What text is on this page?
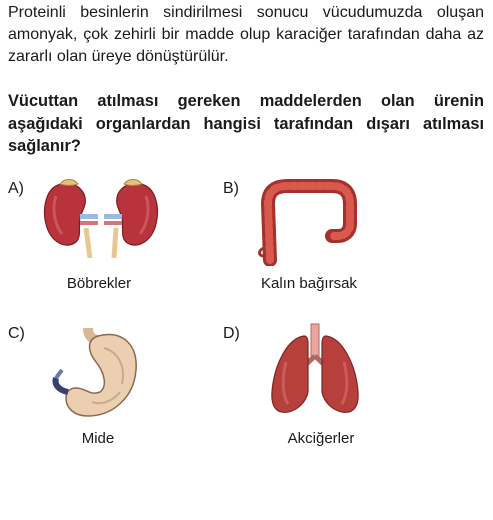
Proteinli besinlerin sindirilmesi sonucu vücudumuzda oluşan amonyak, çok zehirli bir madde olup karaciğer tarafından daha az zararlı olan üreye dönüştürülür.

Vücuttan atılması gereken maddelerden olan ürenin aşağıdaki organlardan hangisi tarafından dışarı atılması sağlanır?

A)
Böbrekler
B)
Kalın bağırsak
C)
Mide
D)
Akciğerler
